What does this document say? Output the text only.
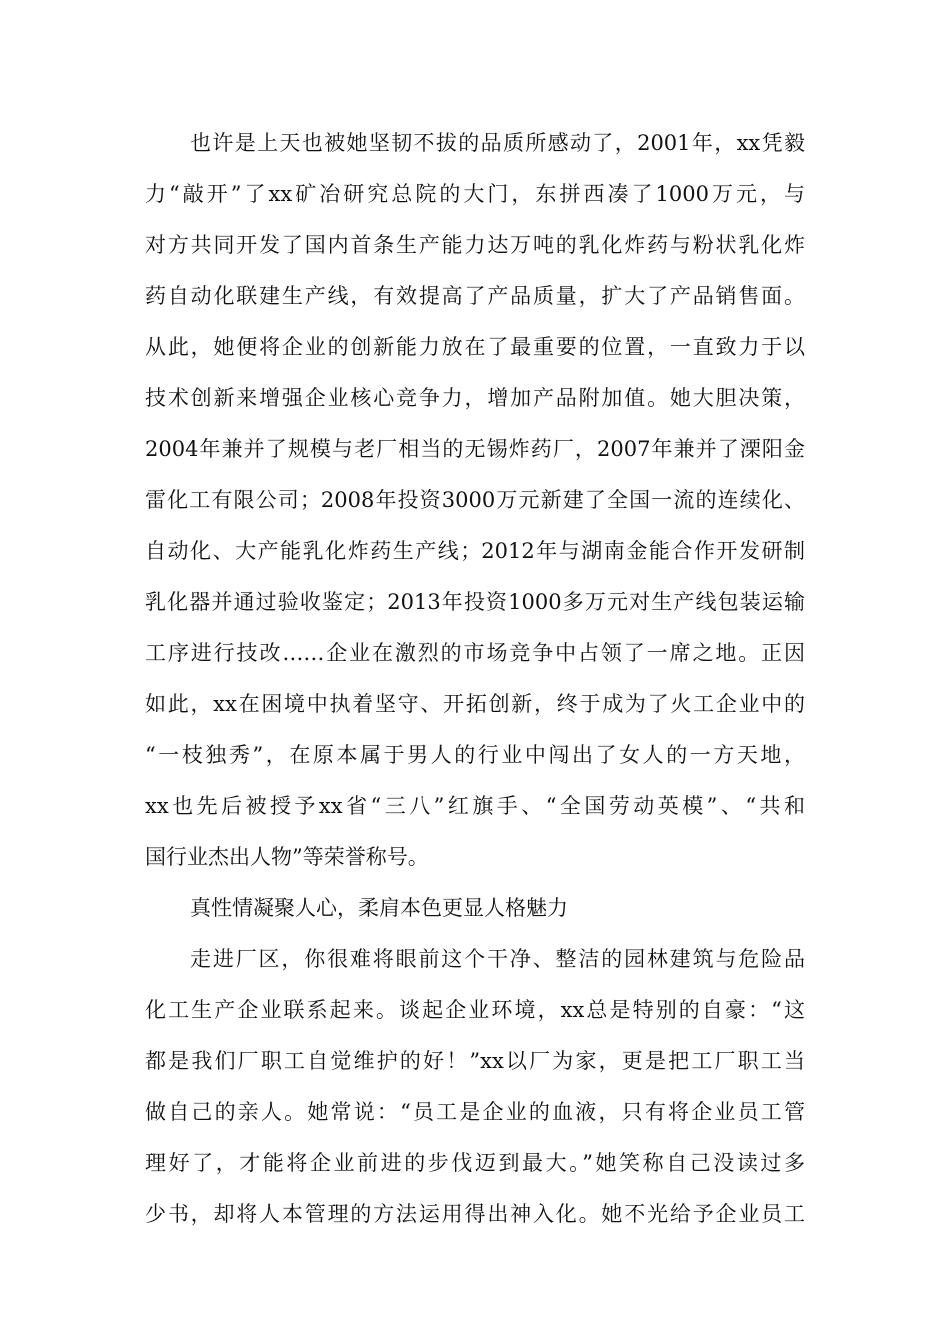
也许是上天也被她坚韧不拔的品质所感动了，2001年，xx凭毅
力“敲开”了xx矿冶研究总院的大门，东拼西凑了1000万元，与
对方共同开发了国内首条生产能力达万吨的乳化炸药与粉状乳化炸
药自动化联建生产线，有效提高了产品质量，扩大了产品销售面。
从此，她便将企业的创新能力放在了最重要的位置，一直致力于以
技术创新来增强企业核心竞争力，增加产品附加值。她大胆决策，
2004年兼并了规模与老厂相当的无锡炸药厂，2007年兼并了溧阳金
雷化工有限公司；2008年投资3000万元新建了全国一流的连续化、
自动化、大产能乳化炸药生产线；2012年与湖南金能合作开发研制
乳化器并通过验收鉴定；2013年投资1000多万元对生产线包装运输
工序进行技改……企业在激烈的市场竞争中占领了一席之地。正因
如此，xx在困境中执着坚守、开拓创新，终于成为了火工企业中的
“一枝独秀”，在原本属于男人的行业中闯出了女人的一方天地，
xx也先后被授予xx省“三八”红旗手、“全国劳动英模”、“共和
国行业杰出人物”等荣誉称号。
真性情凝聚人心，柔肩本色更显人格魅力
走进厂区，你很难将眼前这个干净、整洁的园林建筑与危险品
化工生产企业联系起来。谈起企业环境，xx总是特别的自豪：“这
都是我们厂职工自觉维护的好！”xx以厂为家，更是把工厂职工当
做自己的亲人。她常说：“员工是企业的血液，只有将企业员工管
理好了，才能将企业前进的步伐迈到最大。”她笑称自己没读过多
少书，却将人本管理的方法运用得出神入化。她不光给予企业员工
